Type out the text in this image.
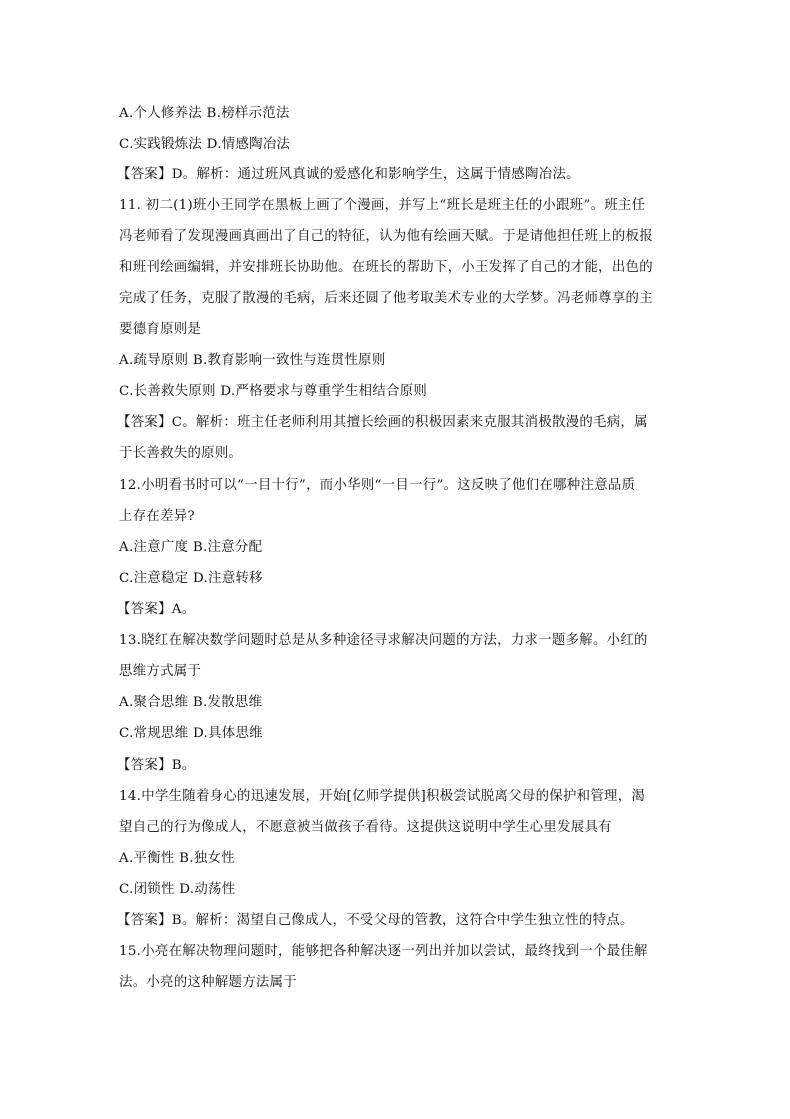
A.个人修养法 B.榜样示范法
C.实践锻炼法 D.情感陶冶法
【答案】D。解析：通过班风真诚的爱感化和影响学生，这属于情感陶冶法。
11. 初二(1)班小王同学在黑板上画了个漫画，并写上“班长是班主任的小跟班”。班主任
冯老师看了发现漫画真画出了自己的特征，认为他有绘画天赋。于是请他担任班上的板报
和班刊绘画编辑，并安排班长协助他。在班长的帮助下，小王发挥了自己的才能，出色的
完成了任务，克服了散漫的毛病，后来还圆了他考取美术专业的大学梦。冯老师尊享的主
要德育原则是
A.疏导原则 B.教育影响一致性与连贯性原则
C.长善救失原则 D.严格要求与尊重学生相结合原则
【答案】C。解析：班主任老师利用其擅长绘画的积极因素来克服其消极散漫的毛病，属
于长善救失的原则。
12.小明看书时可以“一目十行”，而小华则“一目一行”。这反映了他们在哪种注意品质
上存在差异?
A.注意广度 B.注意分配
C.注意稳定 D.注意转移
【答案】A。
13.晓红在解决数学问题时总是从多种途径寻求解决问题的方法，力求一题多解。小红的
思维方式属于
A.聚合思维 B.发散思维
C.常规思维 D.具体思维
【答案】B。
14.中学生随着身心的迅速发展，开始[亿师学提供]积极尝试脱离父母的保护和管理，渴
望自己的行为像成人，不愿意被当做孩子看待。这提供这说明中学生心里发展具有
A.平衡性 B.独女性
C.闭锁性 D.动荡性
【答案】B。解析：渴望自己像成人，不受父母的管教，这符合中学生独立性的特点。
15.小亮在解决物理问题时，能够把各种解决逐一列出并加以尝试，最终找到一个最佳解
法。小亮的这种解题方法属于
